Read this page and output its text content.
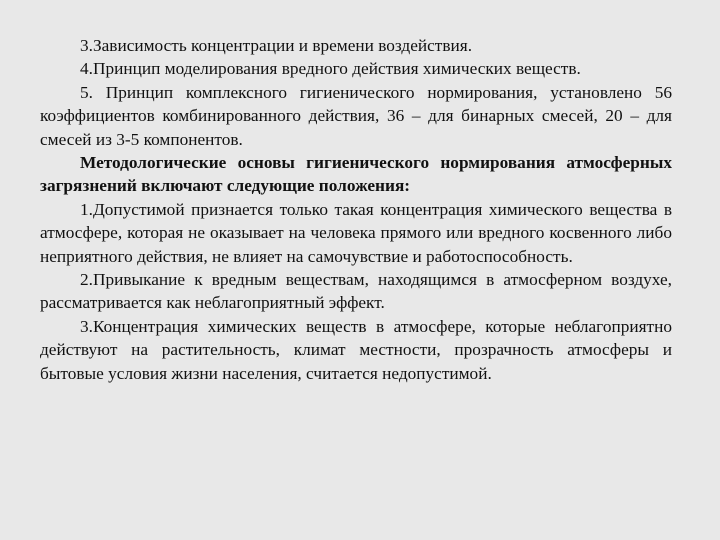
3.Зависимость концентрации и времени воздействия.

4.Принцип моделирования вредного действия химических веществ.

5. Принцип комплексного гигиенического нормирования, установлено 56 коэффициентов комбинированного действия, 36 – для бинарных смесей, 20 – для смесей из 3-5 компонентов.

Методологические основы гигиенического нормирования атмосферных загрязнений включают следующие положения:

1.Допустимой признается только такая концентрация химического вещества в атмосфере, которая не оказывает на человека прямого или вредного косвенного либо неприятного действия, не влияет на самочувствие и работоспособность.

2.Привыкание к вредным веществам, находящимся в атмосферном воздухе, рассматривается как неблагоприятный эффект.

3.Концентрация химических веществ в атмосфере, которые неблагоприятно действуют на растительность, климат местности, прозрачность атмосферы и бытовые условия жизни населения, считается недопустимой.
